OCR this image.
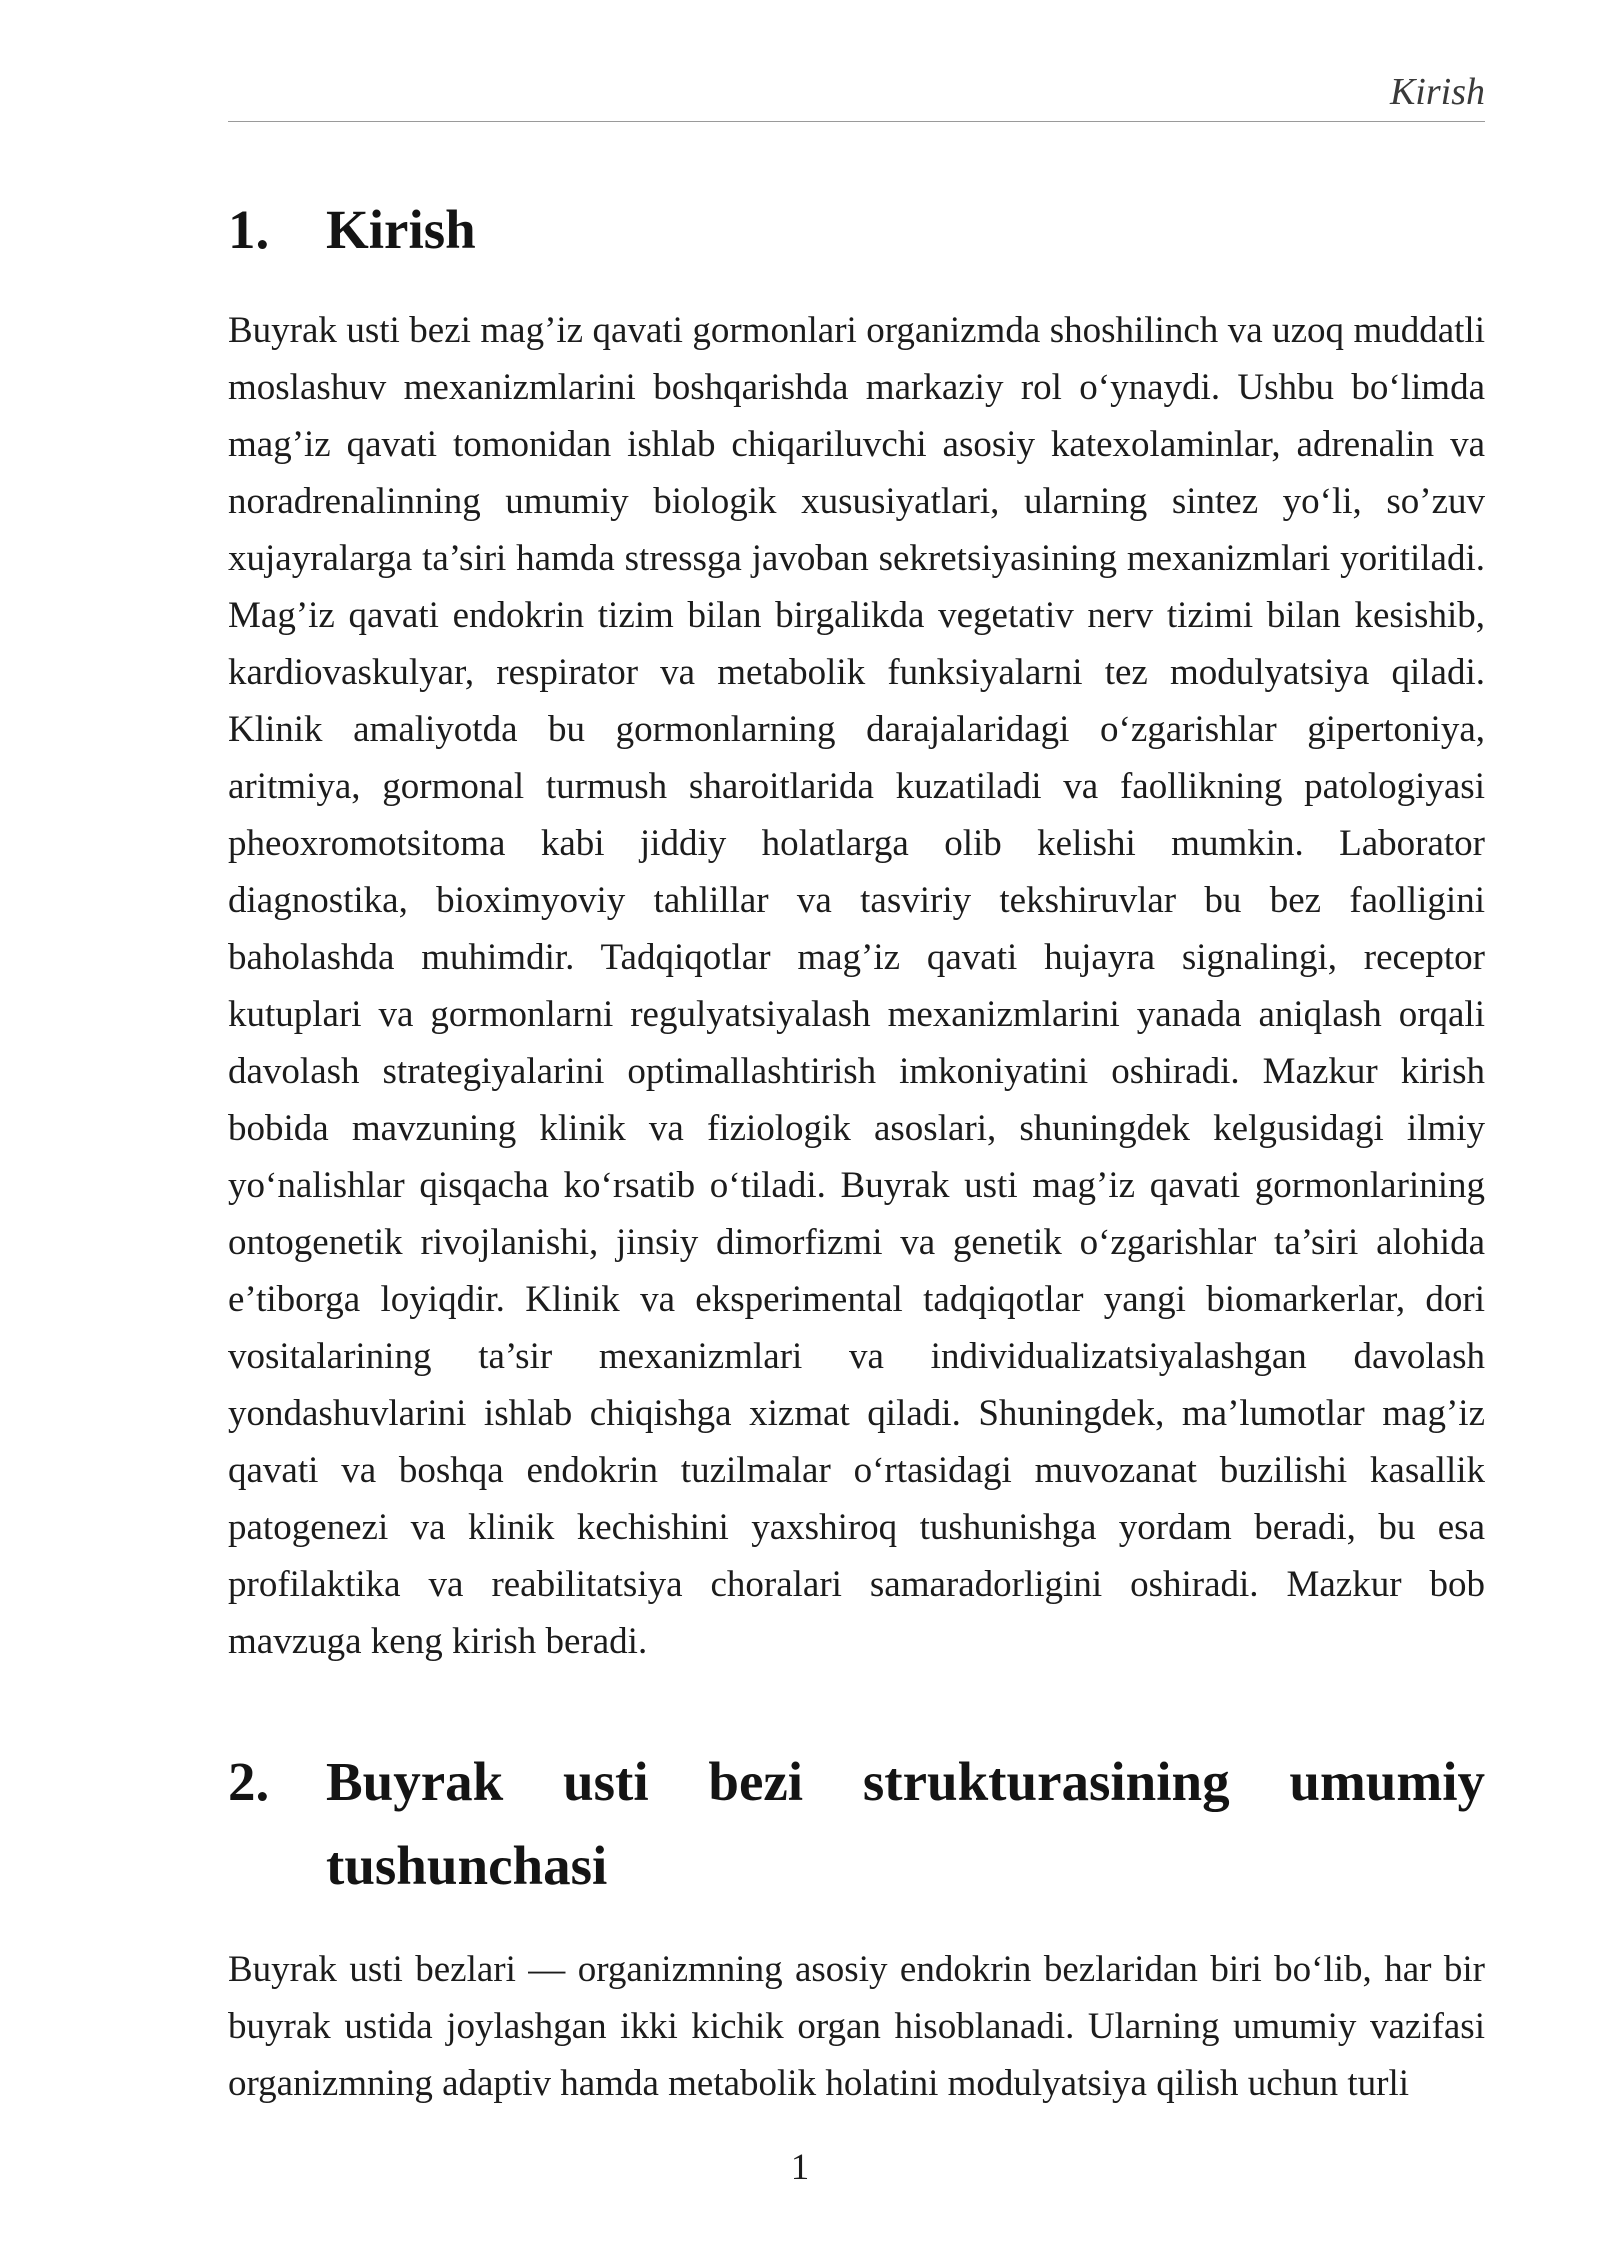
Kirish
1. Kirish

Buyrak usti bezi mag’iz qavati gormonlari organizmda shoshilinch va uzoq muddatli moslashuv mexanizmlarini boshqarishda markaziy rol o‘ynaydi. Ushbu bo‘limda mag’iz qavati tomonidan ishlab chiqariluvchi asosiy katexolaminlar, adrenalin va noradrenalinning umumiy biologik xususiyatlari, ularning sintez yo‘li, so’zuv xujayralarga ta’siri hamda stressga javoban sekretsiyasining mexanizmlari yoritiladi. Mag’iz qavati endokrin tizim bilan birgalikda vegetativ nerv tizimi bilan kesishib, kardiovaskulyar, respirator va metabolik funksiyalarni tez modulyatsiya qiladi. Klinik amaliyotda bu gormonlarning darajalaridagi o‘zgarishlar gipertoniya, aritmiya, gormonal turmush sharoitlarida kuzatiladi va faollikning patologiyasi pheoxromotsitoma kabi jiddiy holatlarga olib kelishi mumkin. Laborator diagnostika, bioximyoviy tahlillar va tasviriy tekshiruvlar bu bez faolligini baholashda muhimdir. Tadqiqotlar mag’iz qavati hujayra signalingi, receptor kutuplari va gormonlarni regulyatsiyalash mexanizmlarini yanada aniqlash orqali davolash strategiyalarini optimallashtirish imkoniyatini oshiradi. Mazkur kirish bobida mavzuning klinik va fiziologik asoslari, shuningdek kelgusidagi ilmiy yo‘nalishlar qisqacha ko‘rsatib o‘tiladi. Buyrak usti mag’iz qavati gormonlarining ontogenetik rivojlanishi, jinsiy dimorfizmi va genetik o‘zgarishlar ta’siri alohida e’tiborga loyiqdir. Klinik va eksperimental tadqiqotlar yangi biomarkerlar, dori vositalarining ta’sir mexanizmlari va individualizatsiyalashgan davolash yondashuvlarini ishlab chiqishga xizmat qiladi. Shuningdek, ma’lumotlar mag’iz qavati va boshqa endokrin tuzilmalar o‘rtasidagi muvozanat buzilishi kasallik patogenezi va klinik kechishini yaxshiroq tushunishga yordam beradi, bu esa profilaktika va reabilitatsiya choralari samaradorligini oshiradi. Mazkur bob mavzuga keng kirish beradi.

2. Buyrak usti bezi strukturasining umumiy tushunchasi

Buyrak usti bezlari — organizmning asosiy endokrin bezlaridan biri bo‘lib, har bir buyrak ustida joylashgan ikki kichik organ hisoblanadi. Ularning umumiy vazifasi organizmning adaptiv hamda metabolik holatini modulyatsiya qilish uchun turli

1
